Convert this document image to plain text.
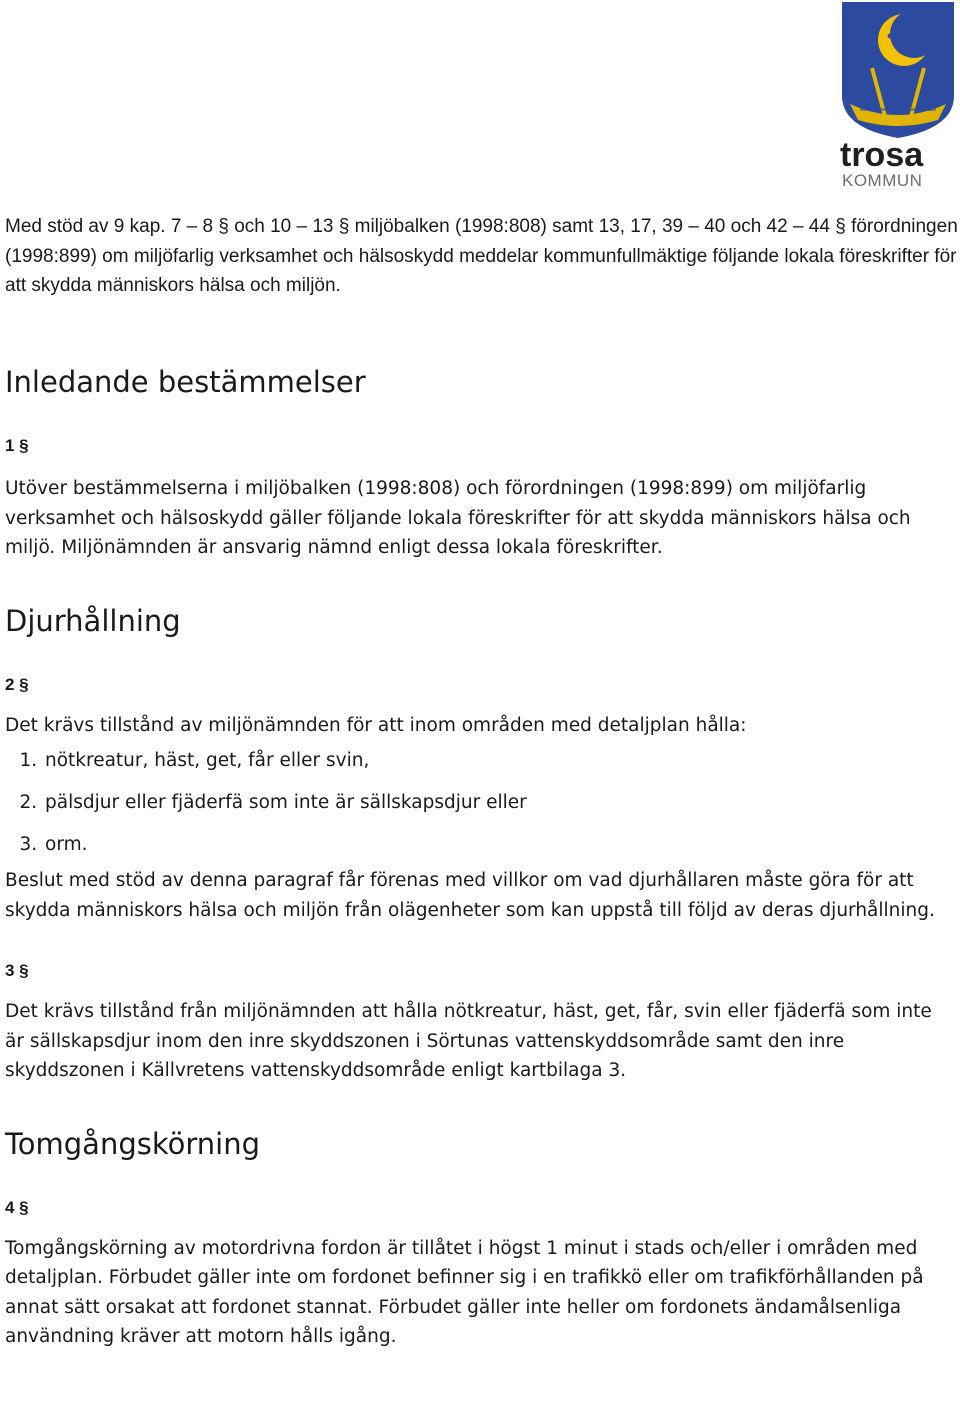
trosa
KOMMUN

Med stöd av 9 kap. 7 – 8 § och 10 – 13 § miljöbalken (1998:808) samt 13, 17, 39 – 40 och 42 – 44 § förordningen (1998:899) om miljöfarlig verksamhet och hälsoskydd meddelar kommunfullmäktige följande lokala föreskrifter för att skydda människors hälsa och miljön.

Inledande bestämmelser

1 §

Utöver bestämmelserna i miljöbalken (1998:808) och förordningen (1998:899) om miljöfarlig verksamhet och hälsoskydd gäller följande lokala föreskrifter för att skydda människors hälsa och miljö. Miljönämnden är ansvarig nämnd enligt dessa lokala föreskrifter.

Djurhållning

2 §

Det krävs tillstånd av miljönämnden för att inom områden med detaljplan hålla:

1. nötkreatur, häst, get, får eller svin,
2. pälsdjur eller fjäderfä som inte är sällskapsdjur eller
3. orm.

Beslut med stöd av denna paragraf får förenas med villkor om vad djurhållaren måste göra för att skydda människors hälsa och miljön från olägenheter som kan uppstå till följd av deras djurhållning.

3 §

Det krävs tillstånd från miljönämnden att hålla nötkreatur, häst, get, får, svin eller fjäderfä som inte är sällskapsdjur inom den inre skyddszonen i Sörtunas vattenskyddsområde samt den inre skyddszonen i Källvretens vattenskyddsområde enligt kartbilaga 3.

Tomgångskörning

4 §

Tomgångskörning av motordrivna fordon är tillåtet i högst 1 minut i stads och/eller i områden med detaljplan. Förbudet gäller inte om fordonet befinner sig i en trafikkö eller om trafikförhållanden på annat sätt orsakat att fordonet stannat. Förbudet gäller inte heller om fordonets ändamålsenliga användning kräver att motorn hålls igång.
